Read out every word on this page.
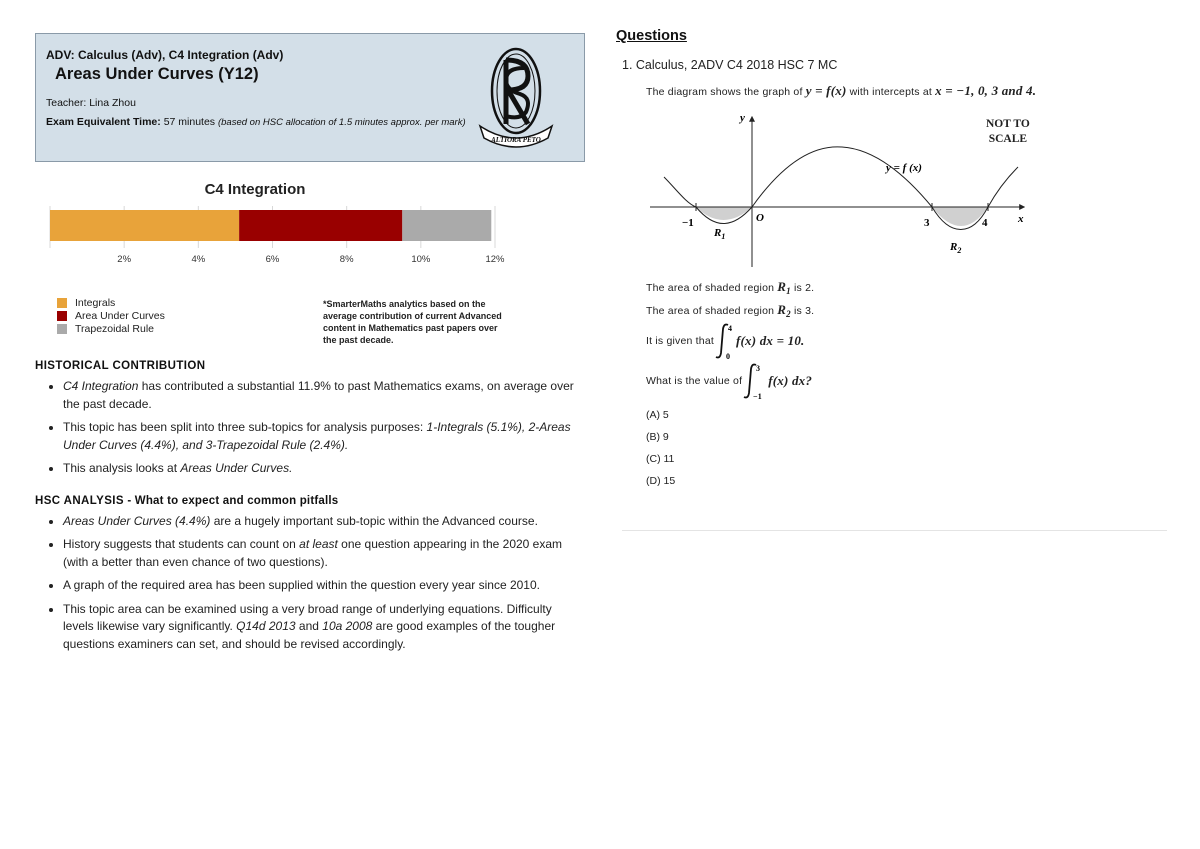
ADV: Calculus (Adv), C4 Integration (Adv)
Areas Under Curves (Y12)
Teacher: Lina Zhou
Exam Equivalent Time: 57 minutes (based on HSC allocation of 1.5 minutes approx. per mark)
ALTIORA PETO
C4 Integration
2%	4%	6%	8%	10%	12%
Integrals
Area Under Curves
Trapezoidal Rule
*SmarterMaths analytics based on the average contribution of current Advanced content in Mathematics past papers over the past decade.
HISTORICAL CONTRIBUTION
• C4 Integration has contributed a substantial 11.9% to past Mathematics exams, on average over the past decade.
• This topic has been split into three sub-topics for analysis purposes: 1-Integrals (5.1%), 2-Areas Under Curves (4.4%), and 3-Trapezoidal Rule (2.4%).
• This analysis looks at Areas Under Curves.
HSC ANALYSIS - What to expect and common pitfalls
• Areas Under Curves (4.4%) are a hugely important sub-topic within the Advanced course.
• History suggests that students can count on at least one question appearing in the 2020 exam (with a better than even chance of two questions).
• A graph of the required area has been supplied within the question every year since 2010.
• This topic area can be examined using a very broad range of underlying equations. Difficulty levels likewise vary significantly. Q14d 2013 and 10a 2008 are good examples of the tougher questions examiners can set, and should be revised accordingly.
Questions
1. Calculus, 2ADV C4 2018 HSC 7 MC
The diagram shows the graph of y = f(x) with intercepts at x = −1, 0, 3 and 4.
y
x
O
−1	3	4
y = f (x)
$R_1$
$R_2$
NOT TO
SCALE
The area of shaded region $R_1$ is 2.
The area of shaded region $R_2$ is 3.
It is given that
4
0
f(x) dx = 10.
What is the value of
3
−1
f(x) dx?
(A) 5
(B) 9
(C) 11
(D) 15
